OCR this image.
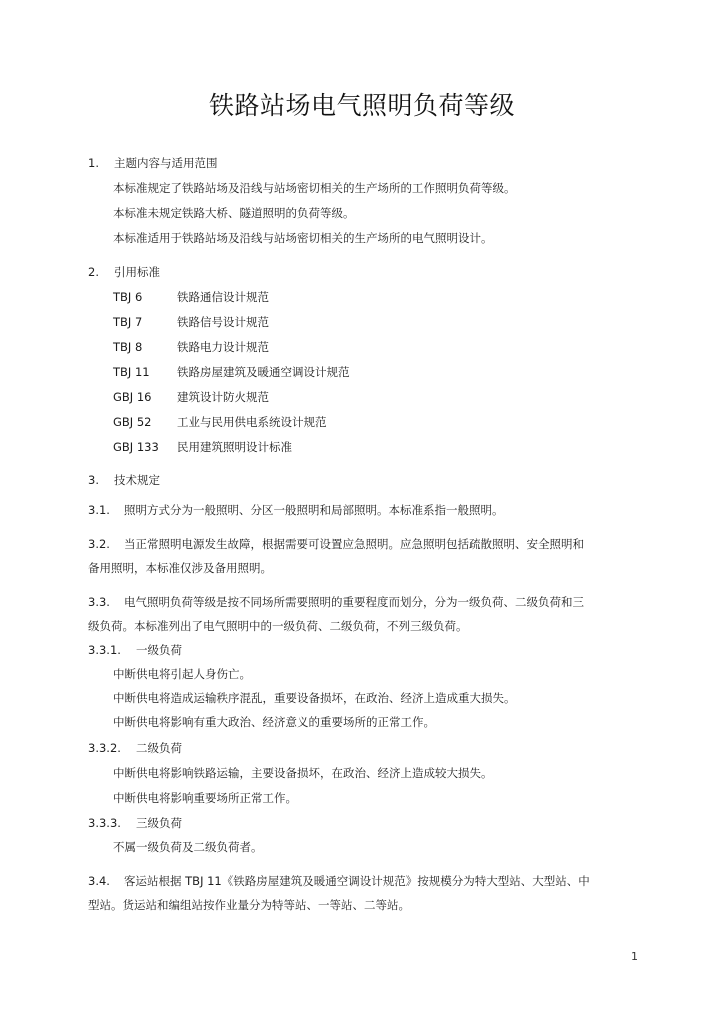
铁路站场电气照明负荷等级
1. 主题内容与适用范围
本标准规定了铁路站场及沿线与站场密切相关的生产场所的工作照明负荷等级。
本标准未规定铁路大桥、隧道照明的负荷等级。
本标准适用于铁路站场及沿线与站场密切相关的生产场所的电气照明设计。
2. 引用标准
TBJ 6	铁路通信设计规范
TBJ 7	铁路信号设计规范
TBJ 8	铁路电力设计规范
TBJ 11 铁路房屋建筑及暖通空调设计规范
GBJ 16 建筑设计防火规范
GBJ 52 工业与民用供电系统设计规范
GBJ 133 民用建筑照明设计标准
3. 技术规定
3.1. 照明方式分为一般照明、分区一般照明和局部照明。本标准系指一般照明。
3.2. 当正常照明电源发生故障，根据需要可设置应急照明。应急照明包括疏散照明、安全照明和
备用照明，本标准仅涉及备用照明。
3.3. 电气照明负荷等级是按不同场所需要照明的重要程度而划分，分为一级负荷、二级负荷和三
级负荷。本标准列出了电气照明中的一级负荷、二级负荷，不列三级负荷。
3.3.1. 一级负荷
中断供电将引起人身伤亡。
中断供电将造成运输秩序混乱，重要设备损坏，在政治、经济上造成重大损失。
中断供电将影响有重大政治、经济意义的重要场所的正常工作。
3.3.2. 二级负荷
中断供电将影响铁路运输，主要设备损坏，在政治、经济上造成较大损失。
中断供电将影响重要场所正常工作。
3.3.3. 三级负荷
不属一级负荷及二级负荷者。
3.4. 客运站根据 TBJ 11《铁路房屋建筑及暖通空调设计规范》按规模分为特大型站、大型站、中
型站。货运站和编组站按作业量分为特等站、一等站、二等站。
1
